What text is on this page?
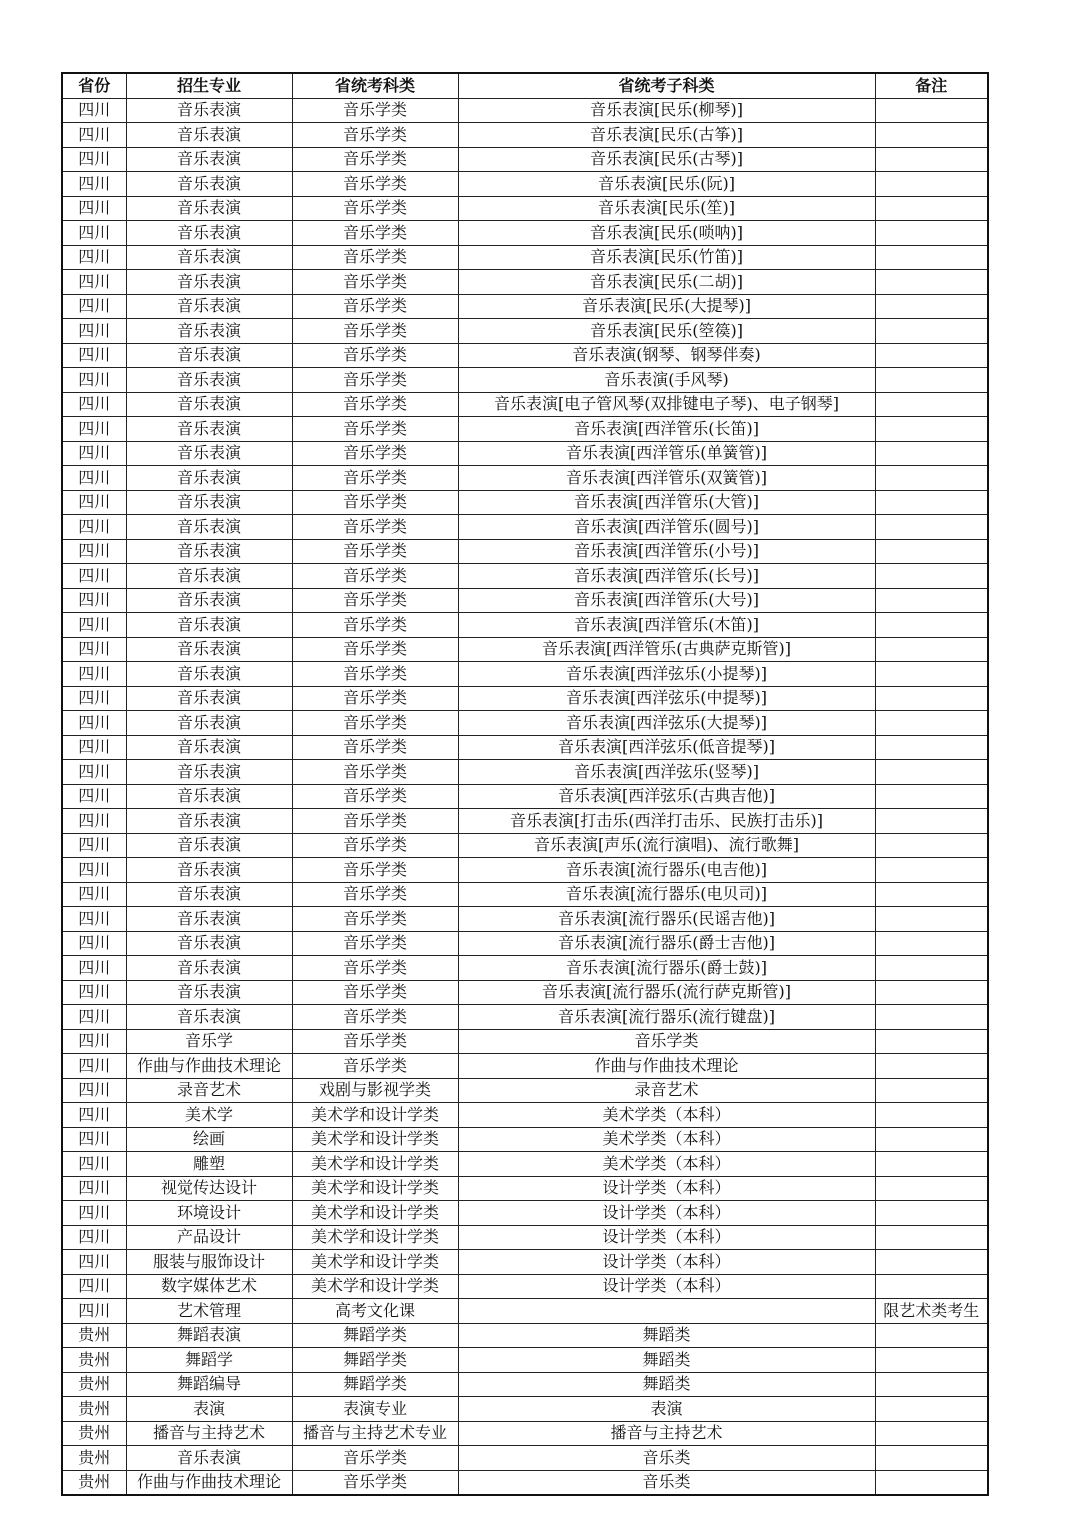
省份	招生专业	省统考科类	省统考子科类	备注
四川	音乐表演	音乐学类	音乐表演[民乐(柳琴)]	
四川	音乐表演	音乐学类	音乐表演[民乐(古筝)]	
四川	音乐表演	音乐学类	音乐表演[民乐(古琴)]	
四川	音乐表演	音乐学类	音乐表演[民乐(阮)]	
四川	音乐表演	音乐学类	音乐表演[民乐(笙)]	
四川	音乐表演	音乐学类	音乐表演[民乐(唢呐)]	
四川	音乐表演	音乐学类	音乐表演[民乐(竹笛)]	
四川	音乐表演	音乐学类	音乐表演[民乐(二胡)]	
四川	音乐表演	音乐学类	音乐表演[民乐(大提琴)]	
四川	音乐表演	音乐学类	音乐表演[民乐(箜篌)]	
四川	音乐表演	音乐学类	音乐表演(钢琴、钢琴伴奏)	
四川	音乐表演	音乐学类	音乐表演(手风琴)	
四川	音乐表演	音乐学类	音乐表演[电子管风琴(双排键电子琴)、电子钢琴]	
四川	音乐表演	音乐学类	音乐表演[西洋管乐(长笛)]	
四川	音乐表演	音乐学类	音乐表演[西洋管乐(单簧管)]	
四川	音乐表演	音乐学类	音乐表演[西洋管乐(双簧管)]	
四川	音乐表演	音乐学类	音乐表演[西洋管乐(大管)]	
四川	音乐表演	音乐学类	音乐表演[西洋管乐(圆号)]	
四川	音乐表演	音乐学类	音乐表演[西洋管乐(小号)]	
四川	音乐表演	音乐学类	音乐表演[西洋管乐(长号)]	
四川	音乐表演	音乐学类	音乐表演[西洋管乐(大号)]	
四川	音乐表演	音乐学类	音乐表演[西洋管乐(木笛)]	
四川	音乐表演	音乐学类	音乐表演[西洋管乐(古典萨克斯管)]	
四川	音乐表演	音乐学类	音乐表演[西洋弦乐(小提琴)]	
四川	音乐表演	音乐学类	音乐表演[西洋弦乐(中提琴)]	
四川	音乐表演	音乐学类	音乐表演[西洋弦乐(大提琴)]	
四川	音乐表演	音乐学类	音乐表演[西洋弦乐(低音提琴)]	
四川	音乐表演	音乐学类	音乐表演[西洋弦乐(竖琴)]	
四川	音乐表演	音乐学类	音乐表演[西洋弦乐(古典吉他)]	
四川	音乐表演	音乐学类	音乐表演[打击乐(西洋打击乐、民族打击乐)]	
四川	音乐表演	音乐学类	音乐表演[声乐(流行演唱)、流行歌舞]	
四川	音乐表演	音乐学类	音乐表演[流行器乐(电吉他)]	
四川	音乐表演	音乐学类	音乐表演[流行器乐(电贝司)]	
四川	音乐表演	音乐学类	音乐表演[流行器乐(民谣吉他)]	
四川	音乐表演	音乐学类	音乐表演[流行器乐(爵士吉他)]	
四川	音乐表演	音乐学类	音乐表演[流行器乐(爵士鼓)]	
四川	音乐表演	音乐学类	音乐表演[流行器乐(流行萨克斯管)]	
四川	音乐表演	音乐学类	音乐表演[流行器乐(流行键盘)]	
四川	音乐学	音乐学类	音乐学类	
四川	作曲与作曲技术理论	音乐学类	作曲与作曲技术理论	
四川	录音艺术	戏剧与影视学类	录音艺术	
四川	美术学	美术学和设计学类	美术学类（本科）	
四川	绘画	美术学和设计学类	美术学类（本科）	
四川	雕塑	美术学和设计学类	美术学类（本科）	
四川	视觉传达设计	美术学和设计学类	设计学类（本科）	
四川	环境设计	美术学和设计学类	设计学类（本科）	
四川	产品设计	美术学和设计学类	设计学类（本科）	
四川	服装与服饰设计	美术学和设计学类	设计学类（本科）	
四川	数字媒体艺术	美术学和设计学类	设计学类（本科）	
四川	艺术管理	高考文化课		限艺术类考生
贵州	舞蹈表演	舞蹈学类	舞蹈类	
贵州	舞蹈学	舞蹈学类	舞蹈类	
贵州	舞蹈编导	舞蹈学类	舞蹈类	
贵州	表演	表演专业	表演	
贵州	播音与主持艺术	播音与主持艺术专业	播音与主持艺术	
贵州	音乐表演	音乐学类	音乐类	
贵州	作曲与作曲技术理论	音乐学类	音乐类	
